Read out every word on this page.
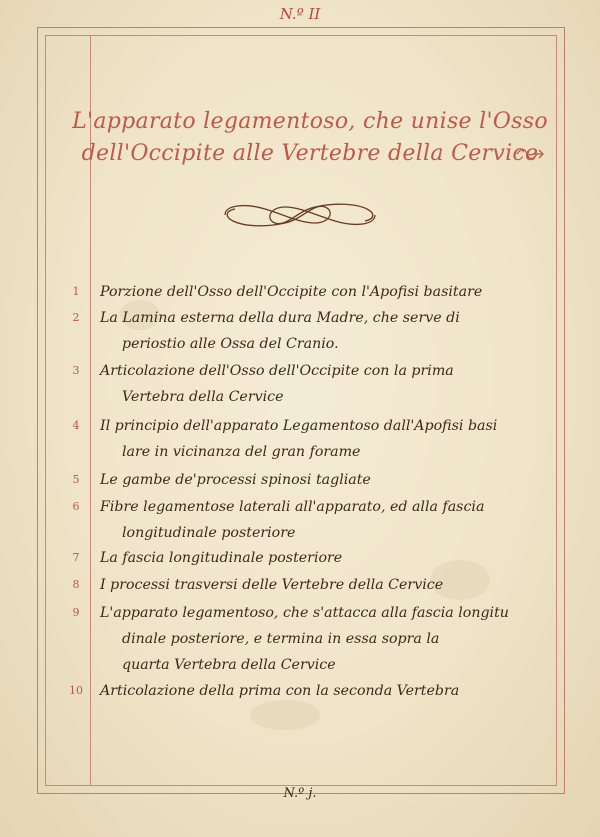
N.º II
L'apparato legamentoso, che unise l'Osso
dell'Occipite alle Vertebre della Cervice
1	Porzione dell'Osso dell'Occipite con l'Apofisi basitare
2	La Lamina esterna della dura Madre, che serve di
periostio alle Ossa del Cranio.
3	Articolazione dell'Osso dell'Occipite con la prima
Vertebra della Cervice
4	Il principio dell'apparato Legamentoso dall'Apofisi basi
lare in vicinanza del gran forame
5	Le gambe de'processi spinosi tagliate
6	Fibre legamentose laterali all'apparato, ed alla fascia
longitudinale posteriore
7	La fascia longitudinale posteriore
8	I processi trasversi delle Vertebre della Cervice
9	L'apparato legamentoso, che s'attacca alla fascia longitu
dinale posteriore, e termina in essa sopra la
quarta Vertebra della Cervice
10 Articolazione della prima con la seconda Vertebra
N.º j.
